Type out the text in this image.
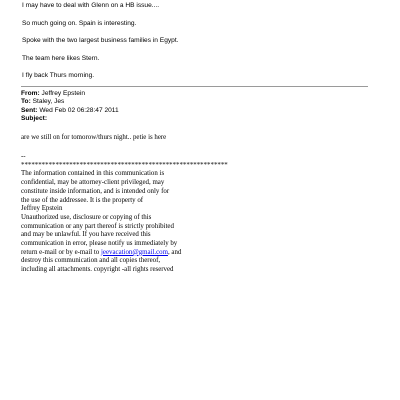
I may have to deal with Glenn on a HB issue....

So much going on. Spain is interesting.

Spoke with the two largest business families in Egypt.

The team here likes Stern.

I fly back Thurs morning.

From: Jeffrey Epstein
To: Staley, Jes
Sent: Wed Feb 02 06:28:47 2011
Subject:
are we still on for tomorow/thurs night.. petie is here
--
************************************************************
The information contained in this communication is
confidential, may be attorney-client privileged, may
constitute inside information, and is intended only for
the use of the addressee. It is the property of
Jeffrey Epstein
Unauthorized use, disclosure or copying of this
communication or any part thereof is strictly prohibited
and may be unlawful. If you have received this
communication in error, please notify us immediately by
return e-mail or by e-mail to jeevacation@gmail.com, and
destroy this communication and all copies thereof,
including all attachments. copyright -all rights reserved
